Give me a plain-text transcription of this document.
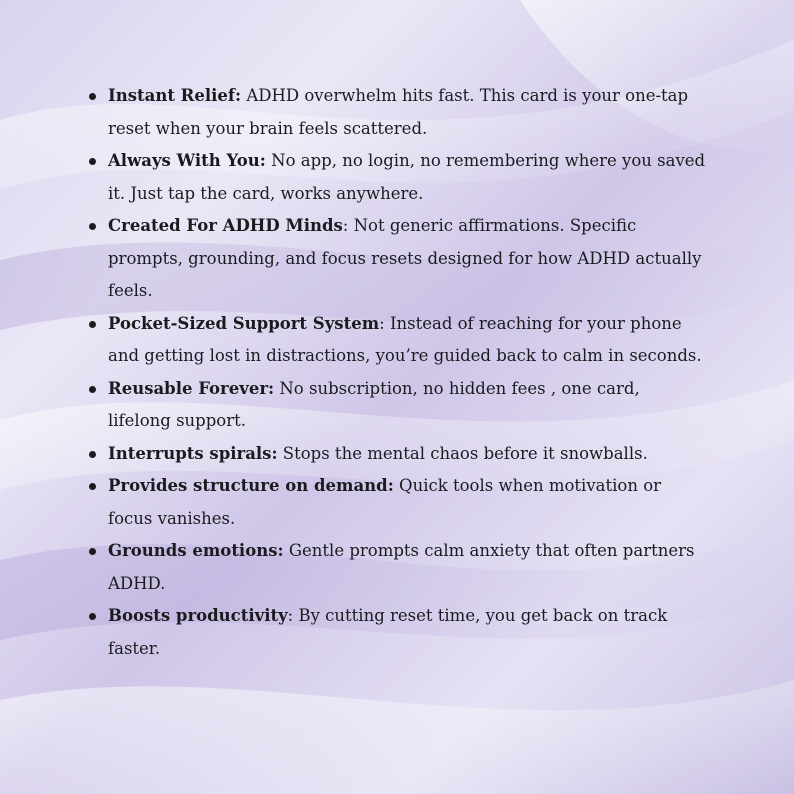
Instant Relief: ADHD overwhelm hits fast. This card is your one-tap reset when your brain feels scattered.
Always With You: No app, no login, no remembering where you saved it. Just tap the card, works anywhere.
Created For ADHD Minds: Not generic affirmations. Specific prompts, grounding, and focus resets designed for how ADHD actually feels.
Pocket-Sized Support System: Instead of reaching for your phone and getting lost in distractions, you’re guided back to calm in seconds.
Reusable Forever: No subscription, no hidden fees , one card, lifelong support.
Interrupts spirals: Stops the mental chaos before it snowballs.
Provides structure on demand: Quick tools when motivation or focus vanishes.
Grounds emotions: Gentle prompts calm anxiety that often partners ADHD.
Boosts productivity: By cutting reset time, you get back on track faster.
